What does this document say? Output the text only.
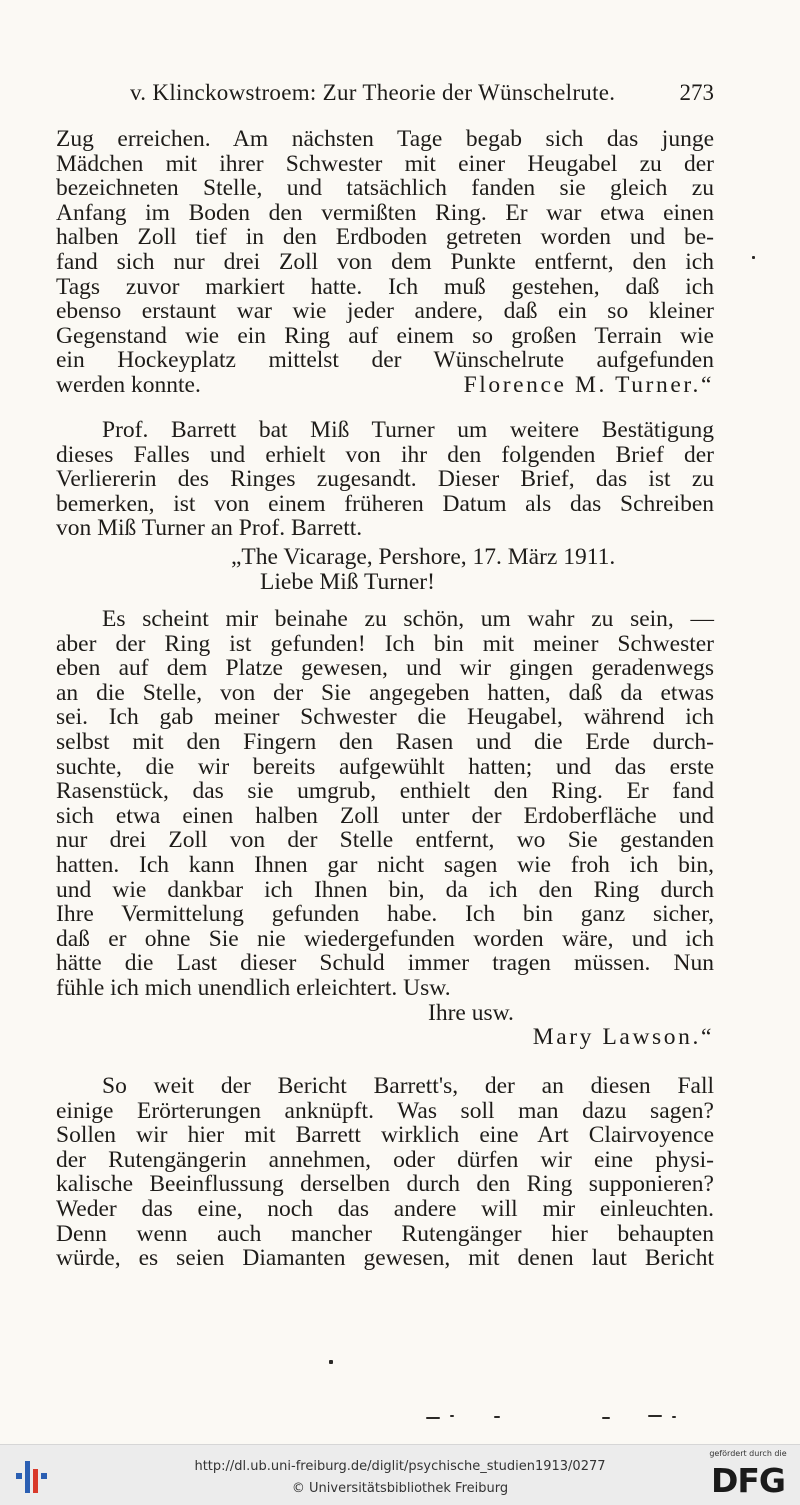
v. Klinckowstroem: Zur Theorie der Wünschelrute.	273
Zug erreichen. Am nächsten Tage begab sich das junge
Mädchen mit ihrer Schwester mit einer Heugabel zu der
bezeichneten Stelle, und tatsächlich fanden sie gleich zu
Anfang im Boden den vermißten Ring. Er war etwa einen
halben Zoll tief in den Erdboden getreten worden und be-
fand sich nur drei Zoll von dem Punkte entfernt, den ich
Tags zuvor markiert hatte. Ich muß gestehen, daß ich
ebenso erstaunt war wie jeder andere, daß ein so kleiner
Gegenstand wie ein Ring auf einem so großen Terrain wie
ein Hockeyplatz mittelst der Wünschelrute aufgefunden
werden konnte.	Florence M. Turner.“
Prof. Barrett bat Miß Turner um weitere Bestätigung
dieses Falles und erhielt von ihr den folgenden Brief der
Verliererin des Ringes zugesandt. Dieser Brief, das ist zu
bemerken, ist von einem früheren Datum als das Schreiben
von Miß Turner an Prof. Barrett.
„The Vicarage, Pershore, 17. März 1911.
Liebe Miß Turner!
Es scheint mir beinahe zu schön, um wahr zu sein, —
aber der Ring ist gefunden! Ich bin mit meiner Schwester
eben auf dem Platze gewesen, und wir gingen geradenwegs
an die Stelle, von der Sie angegeben hatten, daß da etwas
sei. Ich gab meiner Schwester die Heugabel, während ich
selbst mit den Fingern den Rasen und die Erde durch-
suchte, die wir bereits aufgewühlt hatten; und das erste
Rasenstück, das sie umgrub, enthielt den Ring. Er fand
sich etwa einen halben Zoll unter der Erdoberfläche und
nur drei Zoll von der Stelle entfernt, wo Sie gestanden
hatten. Ich kann Ihnen gar nicht sagen wie froh ich bin,
und wie dankbar ich Ihnen bin, da ich den Ring durch
Ihre Vermittelung gefunden habe. Ich bin ganz sicher,
daß er ohne Sie nie wiedergefunden worden wäre, und ich
hätte die Last dieser Schuld immer tragen müssen. Nun
fühle ich mich unendlich erleichtert. Usw.
Ihre usw.
Mary Lawson.“
So weit der Bericht Barrett's, der an diesen Fall
einige Erörterungen anknüpft. Was soll man dazu sagen?
Sollen wir hier mit Barrett wirklich eine Art Clairvoyence
der Rutengängerin annehmen, oder dürfen wir eine physi-
kalische Beeinflussung derselben durch den Ring supponieren?
Weder das eine, noch das andere will mir einleuchten.
Denn wenn auch mancher Rutengänger hier behaupten
würde, es seien Diamanten gewesen, mit denen laut Bericht
http://dl.ub.uni-freiburg.de/diglit/psychische_studien1913/0277
© Universitätsbibliothek Freiburg
gefördert durch die
DFG
